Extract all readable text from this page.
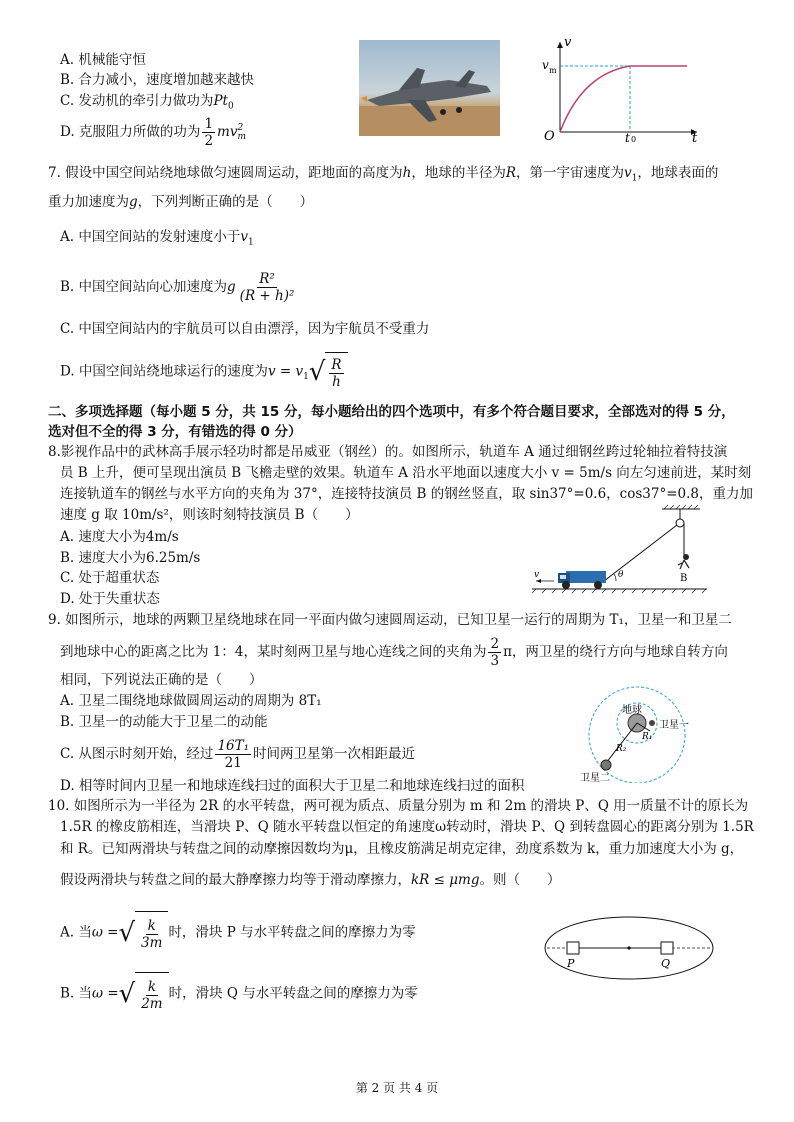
A. 机械能守恒
B. 合力减小，速度增加越来越快
C. 发动机的牵引力做功为$Pt_0$
D. 克服阻力所做的功为 $\frac{1}{2}$ mv 2
m
v
t
O
v m
t 0
7. 假设中国空间站绕地球做匀速圆周运动，距地面的高度为h，地球的半径为R，第一宇宙速度为$v_1$，地球表面的
重力加速度为g，下列判断正确的是（　　）
A. 中国空间站的发射速度小于$v_1$
B. 中国空间站向心加速度为g $\frac{\text{R²}}{\text{(R + h)²}}$
C. 中国空间站内的宇航员可以自由漂浮，因为宇航员不受重力
D. 中国空间站绕地球运行的速度为$v = v_1$ √ $\frac{R}{h}$
二、多项选择题（每小题 5 分，共 15 分，每小题给出的四个选项中，有多个符合题目要求，全部选对的得 5 分，
选对但不全的得 3 分，有错选的得 0 分）
8.影视作品中的武林高手展示轻功时都是吊威亚（钢丝）的。如图所示，轨道车 A 通过细钢丝跨过轮轴拉着特技演
员 B 上升，便可呈现出演员 B 飞檐走壁的效果。轨道车 A 沿水平地面以速度大小 v = 5m/s 向左匀速前进，某时刻
连接轨道车的钢丝与水平方向的夹角为 37°，连接特技演员 B 的钢丝竖直，取 sin37°=0.6，cos37°=0.8，重力加
速度 g 取 10m/s²，则该时刻特技演员 B（　　）
A. 速度大小为4m/s
B. 速度大小为6.25m/s
C. 处于超重状态
D. 处于失重状态
B
v	θ
9. 如图所示，地球的两颗卫星绕地球在同一平面内做匀速圆周运动，已知卫星一运行的周期为 T₁，卫星一和卫星二
到地球中心的距离之比为 1：4，某时刻两卫星与地心连线之间的夹角为 $\frac{2}{3}$ π，两卫星的绕行方向与地球自转方向
相同，下列说法正确的是（　　）
A. 卫星二围绕地球做圆周运动的周期为 8T₁
B. 卫星一的动能大于卫星二的动能
C. 从图示时刻开始，经过 $\frac{\text{16T₁}}{21}$ 时间两卫星第一次相距最近
D. 相等时间内卫星一和地球连线扫过的面积大于卫星二和地球连线扫过的面积
地球
卫星一
R₁
R₂
卫星二
10. 如图所示为一半径为 2R 的水平转盘，两可视为质点、质量分别为 m 和 2m 的滑块 P、Q 用一质量不计的原长为
1.5R 的橡皮筋相连，当滑块 P、Q 随水平转盘以恒定的角速度ω转动时，滑块 P、Q 到转盘圆心的距离分别为 1.5R
和 R。已知两滑块与转盘之间的动摩擦因数均为μ，且橡皮筋满足胡克定律，劲度系数为 k，重力加速度大小为 g，
假设两滑块与转盘之间的最大静摩擦力均等于滑动摩擦力，kR ≤ μmg。则（　　）
A. 当ω = √ $\frac{k}{3m}$ 时，滑块 P 与水平转盘之间的摩擦力为零
B. 当ω = √ $\frac{k}{2m}$ 时，滑块 Q 与水平转盘之间的摩擦力为零
P	Q
第 2 页 共 4 页
